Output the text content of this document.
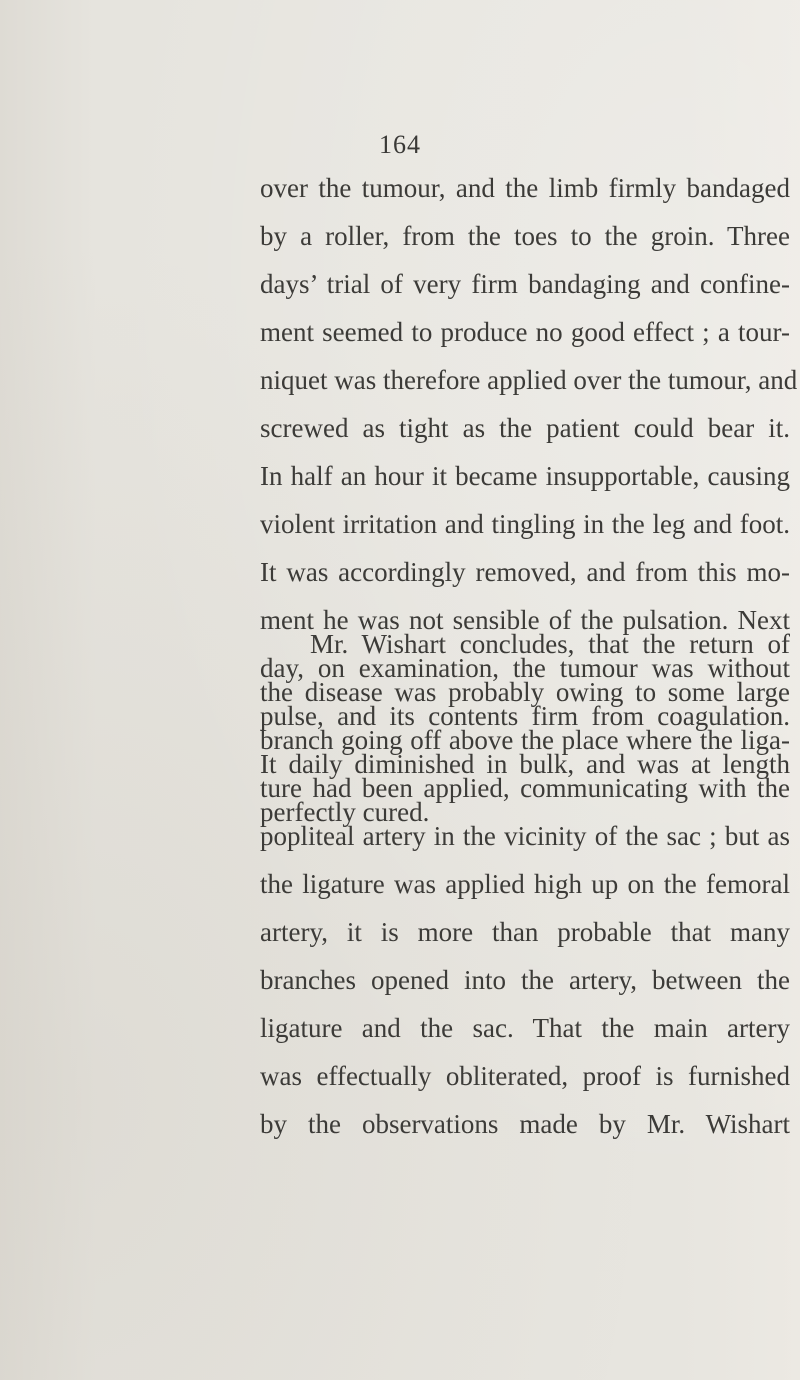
164
over the tumour, and the limb firmly bandaged
by a roller, from the toes to the groin. Three
days’ trial of very firm bandaging and confine-
ment seemed to produce no good effect ; a tour-
niquet was therefore applied over the tumour, and
screwed as tight as the patient could bear it.
In half an hour it became insupportable, causing
violent irritation and tingling in the leg and foot.
It was accordingly removed, and from this mo-
ment he was not sensible of the pulsation. Next
day, on examination, the tumour was without
pulse, and its contents firm from coagulation.
It daily diminished in bulk, and was at length
perfectly cured.
Mr. Wishart concludes, that the return of
the disease was probably owing to some large
branch going off above the place where the liga-
ture had been applied, communicating with the
popliteal artery in the vicinity of the sac ; but as
the ligature was applied high up on the femoral
artery, it is more than probable that many
branches opened into the artery, between the
ligature and the sac. That the main artery
was effectually obliterated, proof is furnished
by the observations made by Mr. Wishart
